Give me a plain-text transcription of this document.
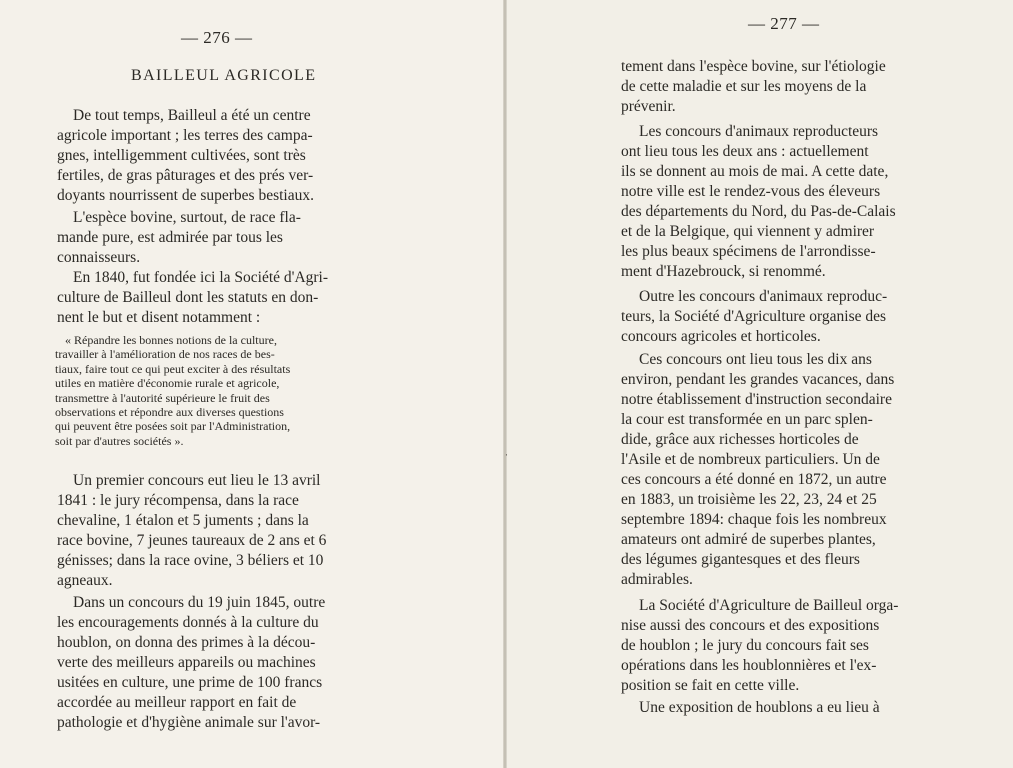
— 276 —
BAILLEUL AGRICOLE

De tout temps, Bailleul a été un centre
agricole important ; les terres des campa-
gnes, intelligemment cultivées, sont très
fertiles, de gras pâturages et des prés ver-
doyants nourrissent de superbes bestiaux.

L'espèce bovine, surtout, de race fla-
mande pure, est admirée par tous les
connaisseurs.

En 1840, fut fondée ici la Société d'Agri-
culture de Bailleul dont les statuts en don-
nent le but et disent notamment :

« Répandre les bonnes notions de la culture,
travailler à l'amélioration de nos races de bes-
tiaux, faire tout ce qui peut exciter à des résultats
utiles en matière d'économie rurale et agricole,
transmettre à l'autorité supérieure le fruit des
observations et répondre aux diverses questions
qui peuvent être posées soit par l'Administration,
soit par d'autres sociétés ».

Un premier concours eut lieu le 13 avril
1841 : le jury récompensa, dans la race
chevaline, 1 étalon et 5 juments ; dans la
race bovine, 7 jeunes taureaux de 2 ans et 6
génisses; dans la race ovine, 3 béliers et 10
agneaux.

Dans un concours du 19 juin 1845, outre
les encouragements donnés à la culture du
houblon, on donna des primes à la décou-
verte des meilleurs appareils ou machines
usitées en culture, une prime de 100 francs
accordée au meilleur rapport en fait de
pathologie et d'hygiène animale sur l'avor-

— 277 —

tement dans l'espèce bovine, sur l'étiologie
de cette maladie et sur les moyens de la
prévenir.

Les concours d'animaux reproducteurs
ont lieu tous les deux ans : actuellement
ils se donnent au mois de mai. A cette date,
notre ville est le rendez-vous des éleveurs
des départements du Nord, du Pas-de-Calais
et de la Belgique, qui viennent y admirer
les plus beaux spécimens de l'arrondisse-
ment d'Hazebrouck, si renommé.

Outre les concours d'animaux reproduc-
teurs, la Société d'Agriculture organise des
concours agricoles et horticoles.

Ces concours ont lieu tous les dix ans
environ, pendant les grandes vacances, dans
notre établissement d'instruction secondaire
la cour est transformée en un parc splen-
dide, grâce aux richesses horticoles de
l'Asile et de nombreux particuliers. Un de
ces concours a été donné en 1872, un autre
en 1883, un troisième les 22, 23, 24 et 25
septembre 1894: chaque fois les nombreux
amateurs ont admiré de superbes plantes,
des légumes gigantesques et des fleurs
admirables.

La Société d'Agriculture de Bailleul orga-
nise aussi des concours et des expositions
de houblon ; le jury du concours fait ses
opérations dans les houblonnières et l'ex-
position se fait en cette ville.

Une exposition de houblons a eu lieu à
